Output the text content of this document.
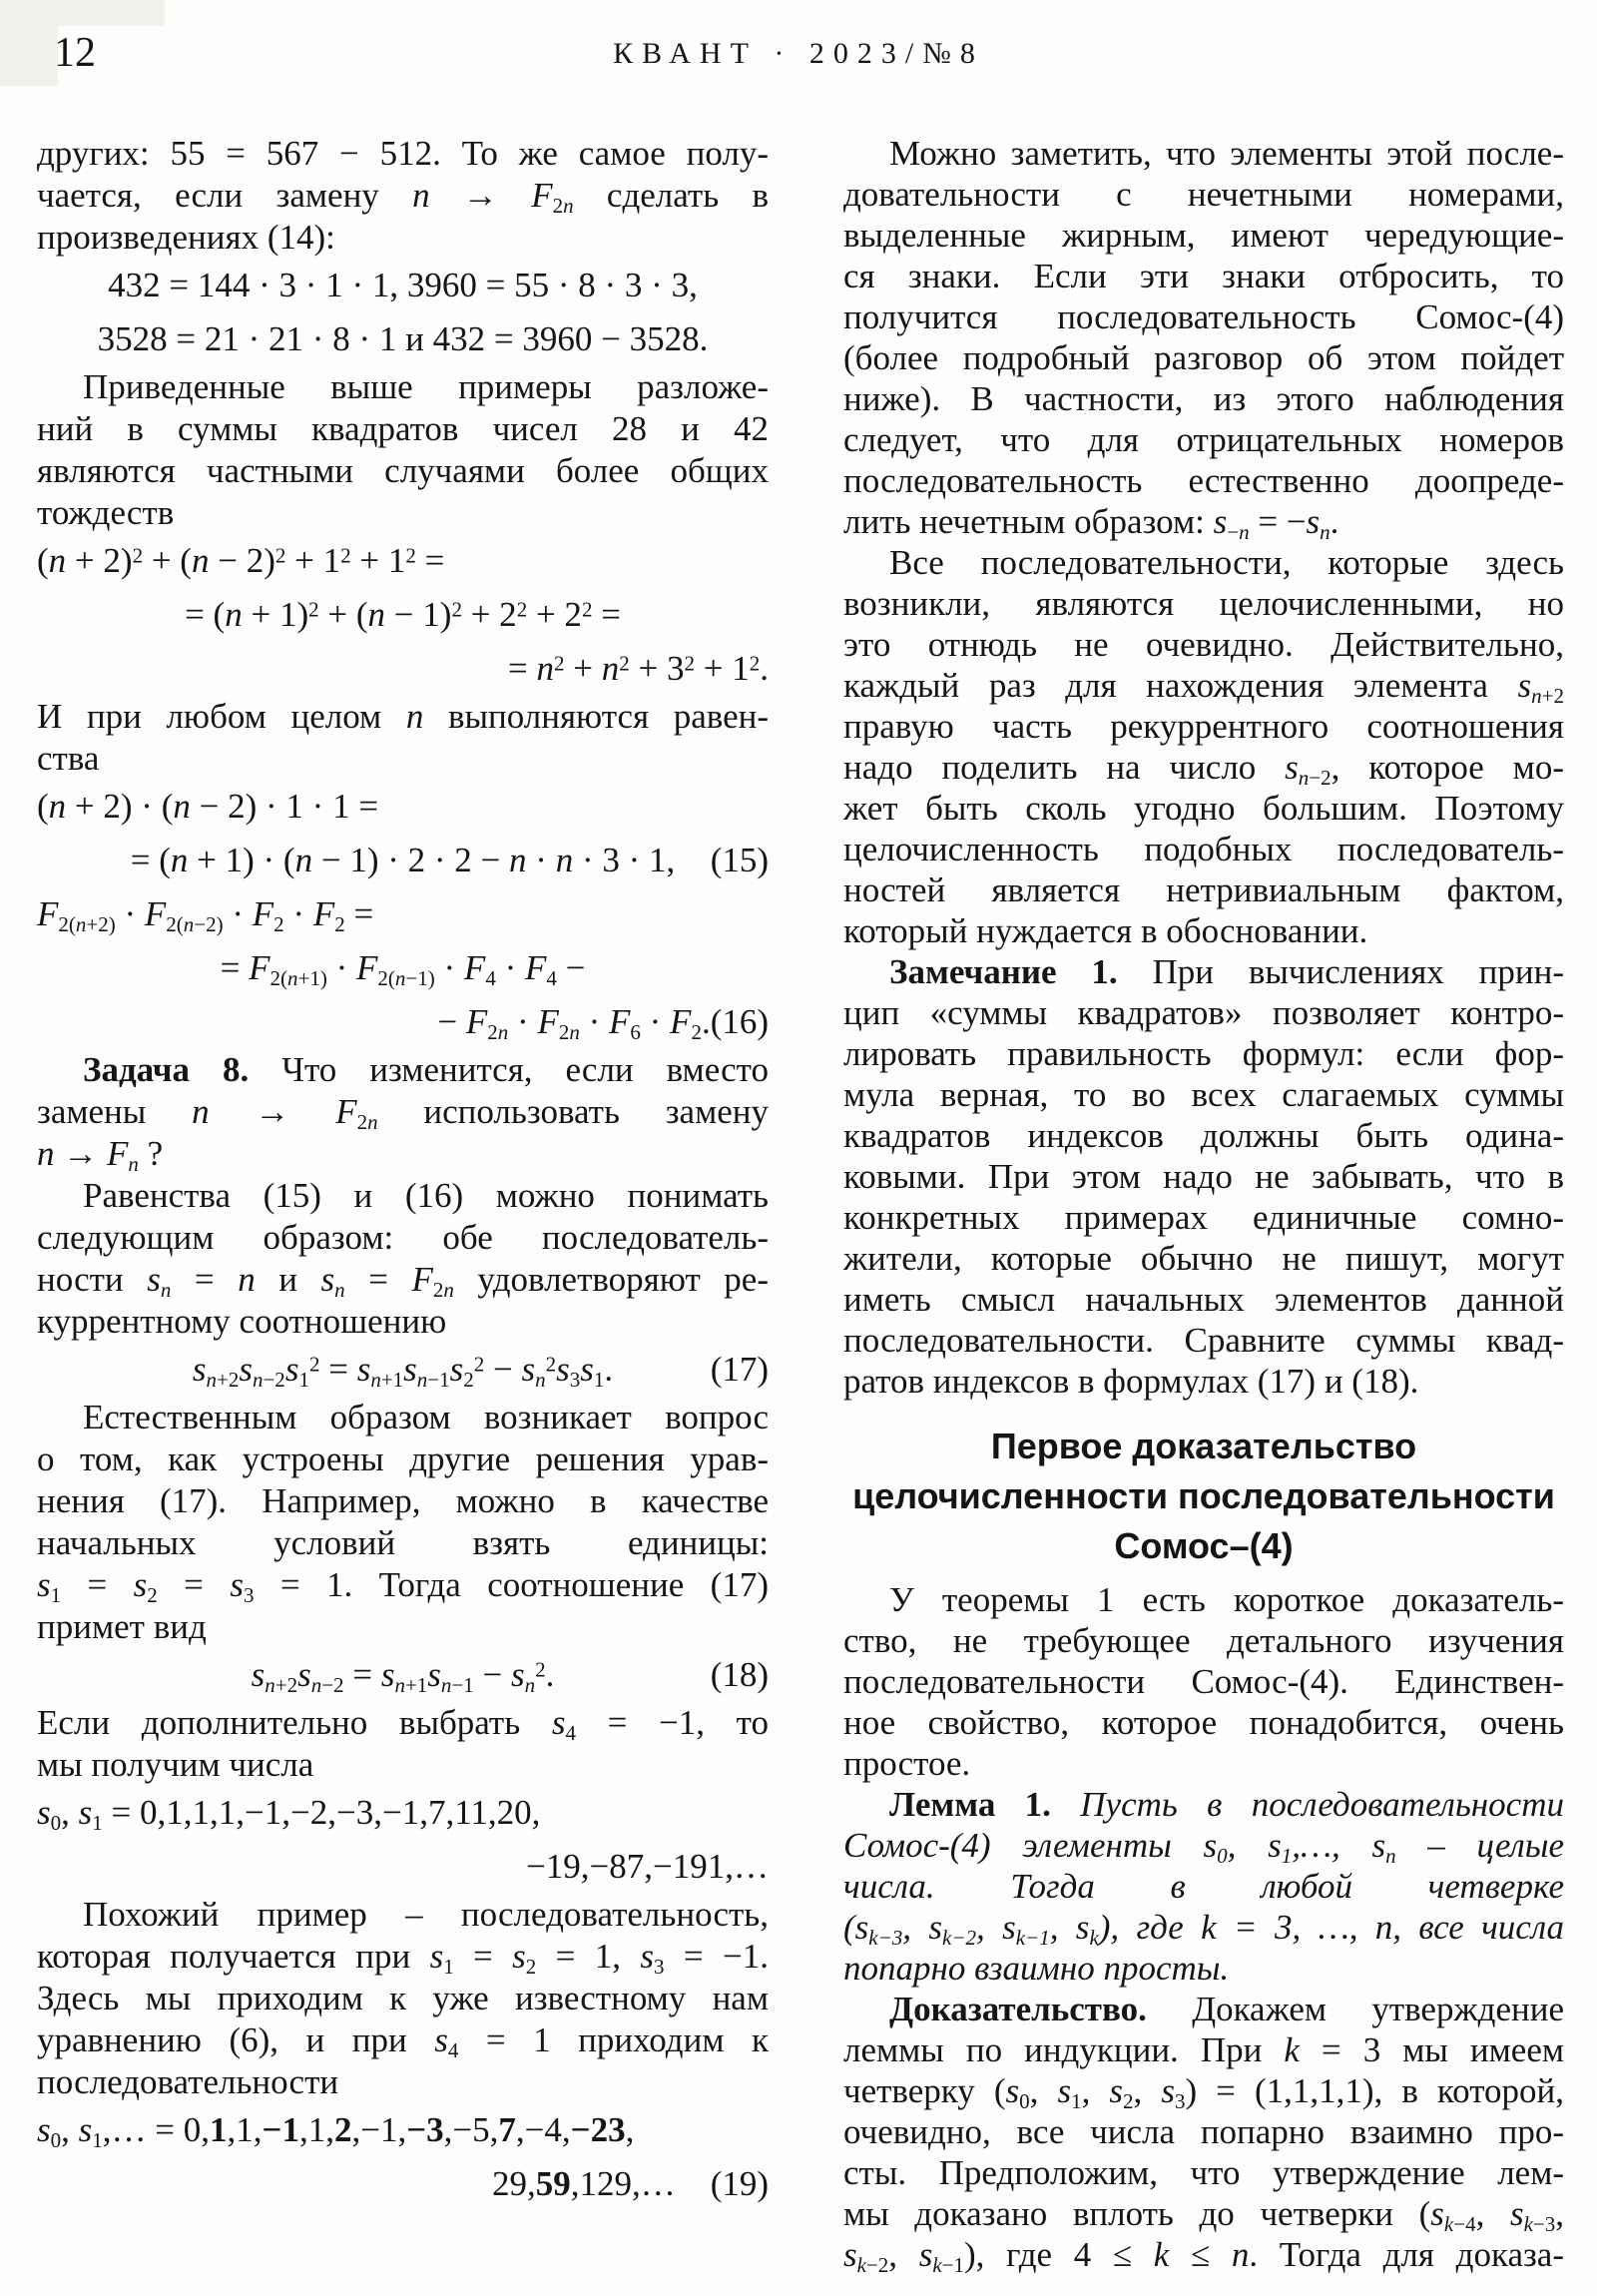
12	КВАНТ · 2023/№8
других: 55 = 567 − 512. То же самое полу-
чается, если замену $n \to F_{2n}$ сделать в
произведениях (14):
432 = 144 · 3 · 1 · 1, 3960 = 55 · 8 · 3 · 3,
3528 = 21 · 21 · 8 · 1 и 432 = 3960 − 3528.
Приведенные выше примеры разложе-
ний в суммы квадратов чисел 28 и 42
являются частными случаями более общих
тождеств
$(n + 2)^2 + (n - 2)^2 + 1^2 + 1^2$ =
= $(n + 1)^2 + (n - 1)^2 + 2^2 + 2^2$ =
= $n^2 + n^2 + 3^2 + 1^2$.
И при любом целом n выполняются равен-
ства
(n + 2) · (n − 2) · 1 · 1 =
= (n + 1) · (n − 1) · 2 · 2 − n · n · 3 · 1, (15)
$F_{2(n+2)} \cdot F_{2(n-2)} \cdot F_2 \cdot F_2$ =
= $F_{2(n+1)} \cdot F_{2(n-1)} \cdot F_4 \cdot F_4$ −
− $F_{2n} \cdot F_{2n} \cdot F_6 \cdot F_2.(16)$
Задача 8. Что изменится, если вместо
замены $n \to F_{2n}$ использовать замену
$n \to F_n$ ?
Равенства (15) и (16) можно понимать
следующим образом: обе последователь-
ности $s_n = n$ и $s_n = F_{2n}$ удовлетворяют ре-
куррентному соотношению
$s_{n+2}s_{n-2}s_1^2 = s_{n+1}s_{n-1}s_2^2 - s_n^2s_3s_1$.	(17)
Естественным образом возникает вопрос
о том, как устроены другие решения урав-
нения (17). Например, можно в качестве
начальных условий взять единицы:
$s_1 = s_2 = s_3 = 1$. Тогда соотношение (17)
примет вид
$s_{n+2}s_{n-2} = s_{n+1}s_{n-1} - s_n^2$.	(18)
Если дополнительно выбрать $s_4 = -1$, то
мы получим числа
$s_0$, $s_1 = 0,1,1,1,-1,-2,-3,-1,7,11,20$,
−19,−87,−191,…
Похожий пример – последовательность,
которая получается при $s_1 = s_2 = 1$, $s_3 = -1$.
Здесь мы приходим к уже известному нам
уравнению (6), и при $s_4 = 1$ приходим к
последовательности
$s_0$, $s_1,\dots = 0,1,1,-1,1,2,-1,-3,-5,7,-4,-23$,
29,59,129,… (19)
Можно заметить, что элементы этой после-
довательности с нечетными номерами,
выделенные жирным, имеют чередующие-
ся знаки. Если эти знаки отбросить, то
получится последовательность Сомос-(4)
(более подробный разговор об этом пойдет
ниже). В частности, из этого наблюдения
следует, что для отрицательных номеров
последовательность естественно доопреде-
лить нечетным образом: $s_{-n} = -s_n$.
Все последовательности, которые здесь
возникли, являются целочисленными, но
это отнюдь не очевидно. Действительно,
каждый раз для нахождения элемента $s_{n+2}$
правую часть рекуррентного соотношения
надо поделить на число $s_{n-2}$, которое мо-
жет быть сколь угодно большим. Поэтому
целочисленность подобных последователь-
ностей является нетривиальным фактом,
который нуждается в обосновании.
Замечание 1. При вычислениях прин-
цип «суммы квадратов» позволяет контро-
лировать правильность формул: если фор-
мула верная, то во всех слагаемых суммы
квадратов индексов должны быть одина-
ковыми. При этом надо не забывать, что в
конкретных примерах единичные сомно-
жители, которые обычно не пишут, могут
иметь смысл начальных элементов данной
последовательности. Сравните суммы квад-
ратов индексов в формулах (17) и (18).
Первое доказательство
целочисленности последовательности
Сомос–(4)
У теоремы 1 есть короткое доказатель-
ство, не требующее детального изучения
последовательности Сомос-(4). Единствен-
ное свойство, которое понадобится, очень
простое.
Лемма 1. Пусть в последовательности
Сомос-(4) элементы $s_0$, $s_1,\dots$, $s_n$ – целые
числа. Тогда в любой четверке
($s_{k-3}$, $s_{k-2}$, $s_{k-1}$, $s_k$), где k = 3, …, n, все числа
попарно взаимно просты.
Доказательство. Докажем утверждение
леммы по индукции. При k = 3 мы имеем
четверку ($s_0$, $s_1$, $s_2$, $s_3) = (1,1,1,1)$, в которой,
очевидно, все числа попарно взаимно про-
сты. Предположим, что утверждение лем-
мы доказано вплоть до четверки ($s_{k-4}$, $s_{k-3}$,
$s_{k-2}$, $s_{k-1}$), где 4 ≤ k ≤ n. Тогда для доказа-
